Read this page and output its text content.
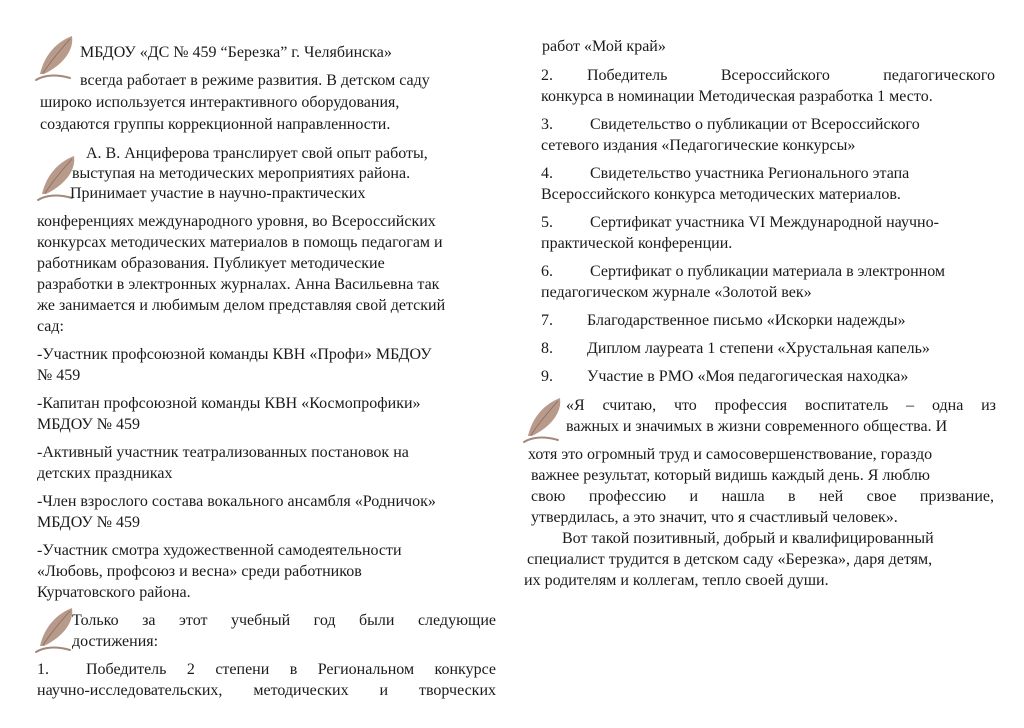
МБДОУ «ДС № 459 “Березка” г. Челябинска»
всегда работает в режиме развития. В детском саду
широко используется интерактивного оборудования,
создаются группы коррекционной направленности.
А. В. Анциферова транслирует свой опыт работы,
выступая на методических мероприятиях района.
Принимает участие в научно-практических
конференциях международного уровня, во Всероссийских
конкурсах методических материалов в помощь педагогам и
работникам образования. Публикует методические
разработки в электронных журналах. Анна Васильевна так
же занимается и любимым делом представляя свой детский
сад:
-Участник профсоюзной команды КВН «Профи» МБДОУ
№ 459
-Капитан профсоюзной команды КВН «Космопрофики»
МБДОУ № 459
-Активный участник театрализованных постановок на
детских праздниках
-Член взрослого состава вокального ансамбля «Родничок»
МБДОУ № 459
-Участник смотра художественной самодеятельности
«Любовь, профсоюз и весна» среди работников
Курчатовского района.
Только за этот учебный год были следующие
достижения:
1. Победитель 2 степени в Региональном конкурсе
научно-исследовательских, методических и творческих
работ «Мой край»
2. Победитель Всероссийского педагогического
конкурса в номинации Методическая разработка 1 место.
3. Свидетельство о публикации от Всероссийского
сетевого издания «Педагогические конкурсы»
4. Свидетельство участника Регионального этапа
Всероссийского конкурса методических материалов.
5. Сертификат участника VI Международной научно-
практической конференции.
6. Сертификат о публикации материала в электронном
педагогическом журнале «Золотой век»
7. Благодарственное письмо «Искорки надежды»
8. Диплом лауреата 1 степени «Хрустальная капель»
9. Участие в РМО «Моя педагогическая находка»
«Я считаю, что профессия воспитатель – одна из
важных и значимых в жизни современного общества. И
хотя это огромный труд и самосовершенствование, гораздо
важнее результат, который видишь каждый день. Я люблю
свою профессию и нашла в ней свое призвание,
утвердилась, а это значит, что я счастливый человек».
Вот такой позитивный, добрый и квалифицированный
специалист трудится в детском саду «Березка», даря детям,
их родителям и коллегам, тепло своей души.
